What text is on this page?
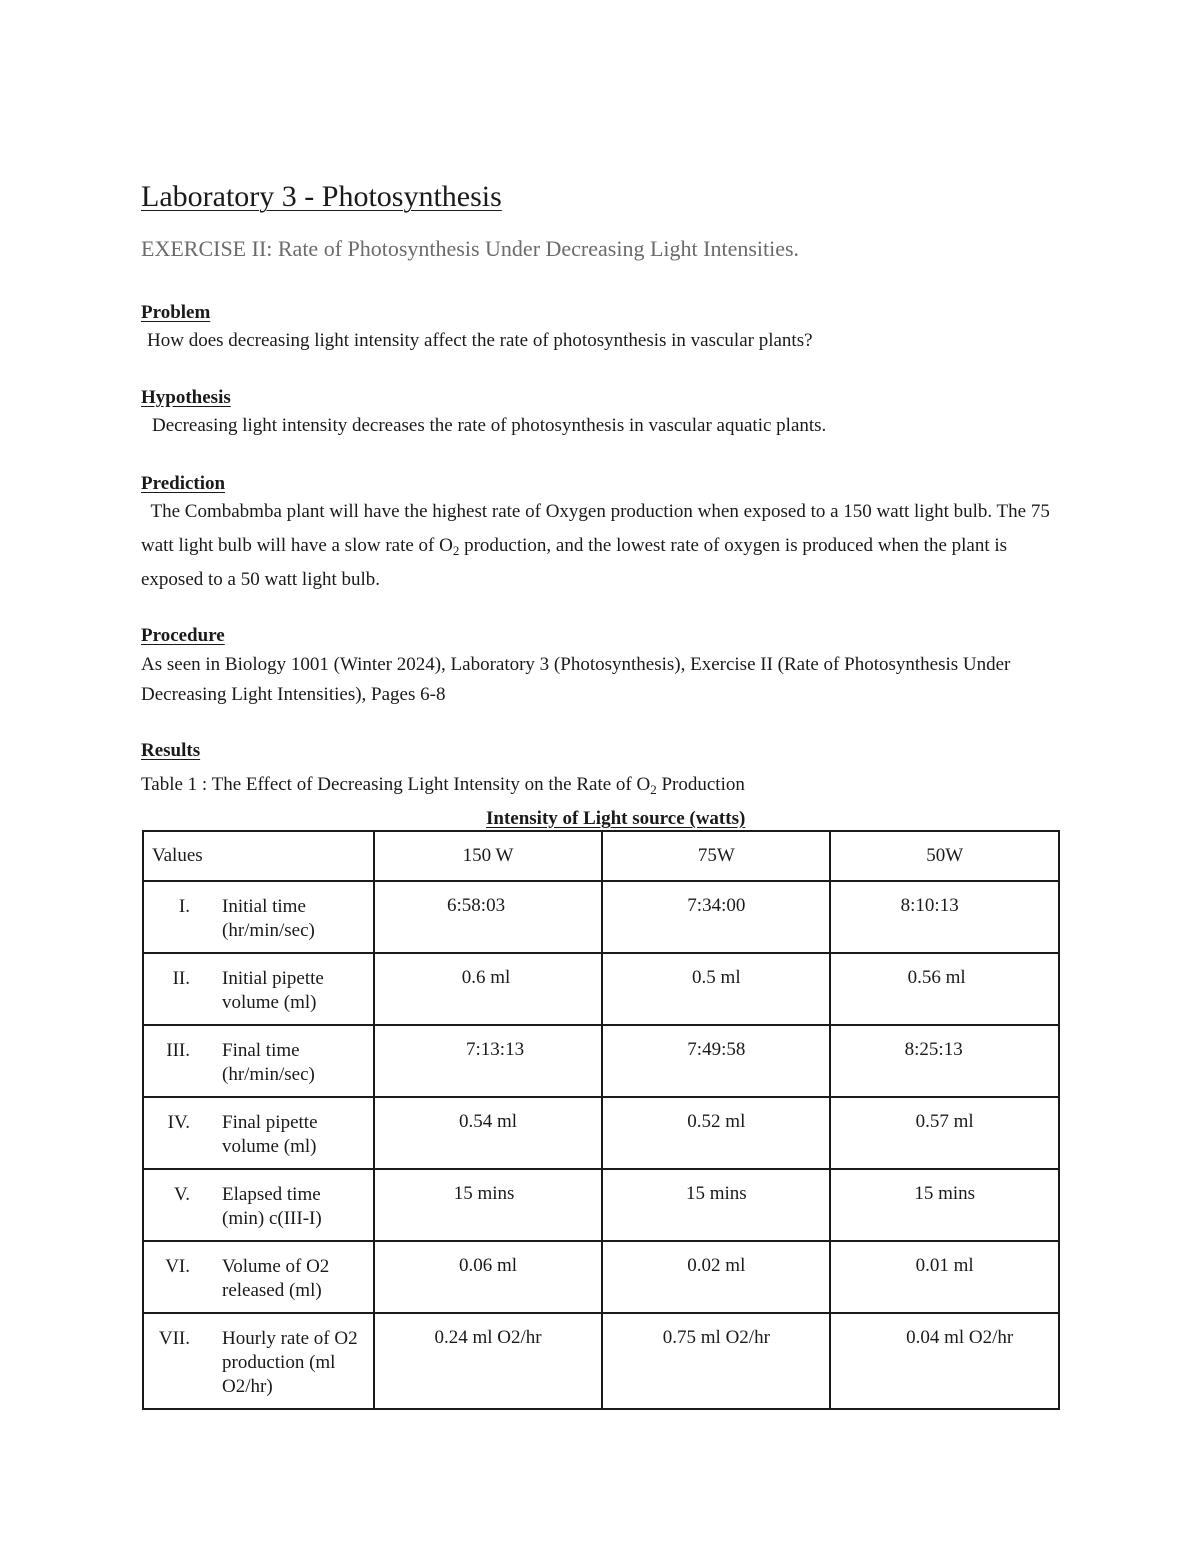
Laboratory 3 - Photosynthesis
EXERCISE II: Rate of Photosynthesis Under Decreasing Light Intensities.
Problem
How does decreasing light intensity affect the rate of photosynthesis in vascular plants?
Hypothesis
Decreasing light intensity decreases the rate of photosynthesis in vascular aquatic plants.
Prediction
The Combabmba plant will have the highest rate of Oxygen production when exposed to a 150 watt light bulb. The 75 watt light bulb will have a slow rate of $O_2$ production, and the lowest rate of oxygen is produced when the plant is exposed to a 50 watt light bulb.
Procedure
As seen in Biology 1001 (Winter 2024), Laboratory 3 (Photosynthesis), Exercise II (Rate of Photosynthesis Under Decreasing Light Intensities), Pages 6-8
Results
Table 1 : The Effect of Decreasing Light Intensity on the Rate of $O_2$ Production
Intensity of Light source (watts)
Values	150 W	75W	50W

I. Initial time (hr/min/sec)	6:58:03	7:34:00	8:10:13

II. Initial pipette volume (ml)	0.6 ml	0.5 ml	0.56 ml

III. Final time (hr/min/sec)	7:13:13	7:49:58	8:25:13

IV. Final pipette volume (ml)	0.54 ml	0.52 ml	0.57 ml

V. Elapsed time (min) c(III-I)	15 mins	15 mins	15 mins

VI. Volume of O2 released (ml)	0.06 ml	0.02 ml	0.01 ml

VII. Hourly rate of O2 production (ml O2/hr)	0.24 ml O2/hr	0.75 ml O2/hr	0.04 ml O2/hr
